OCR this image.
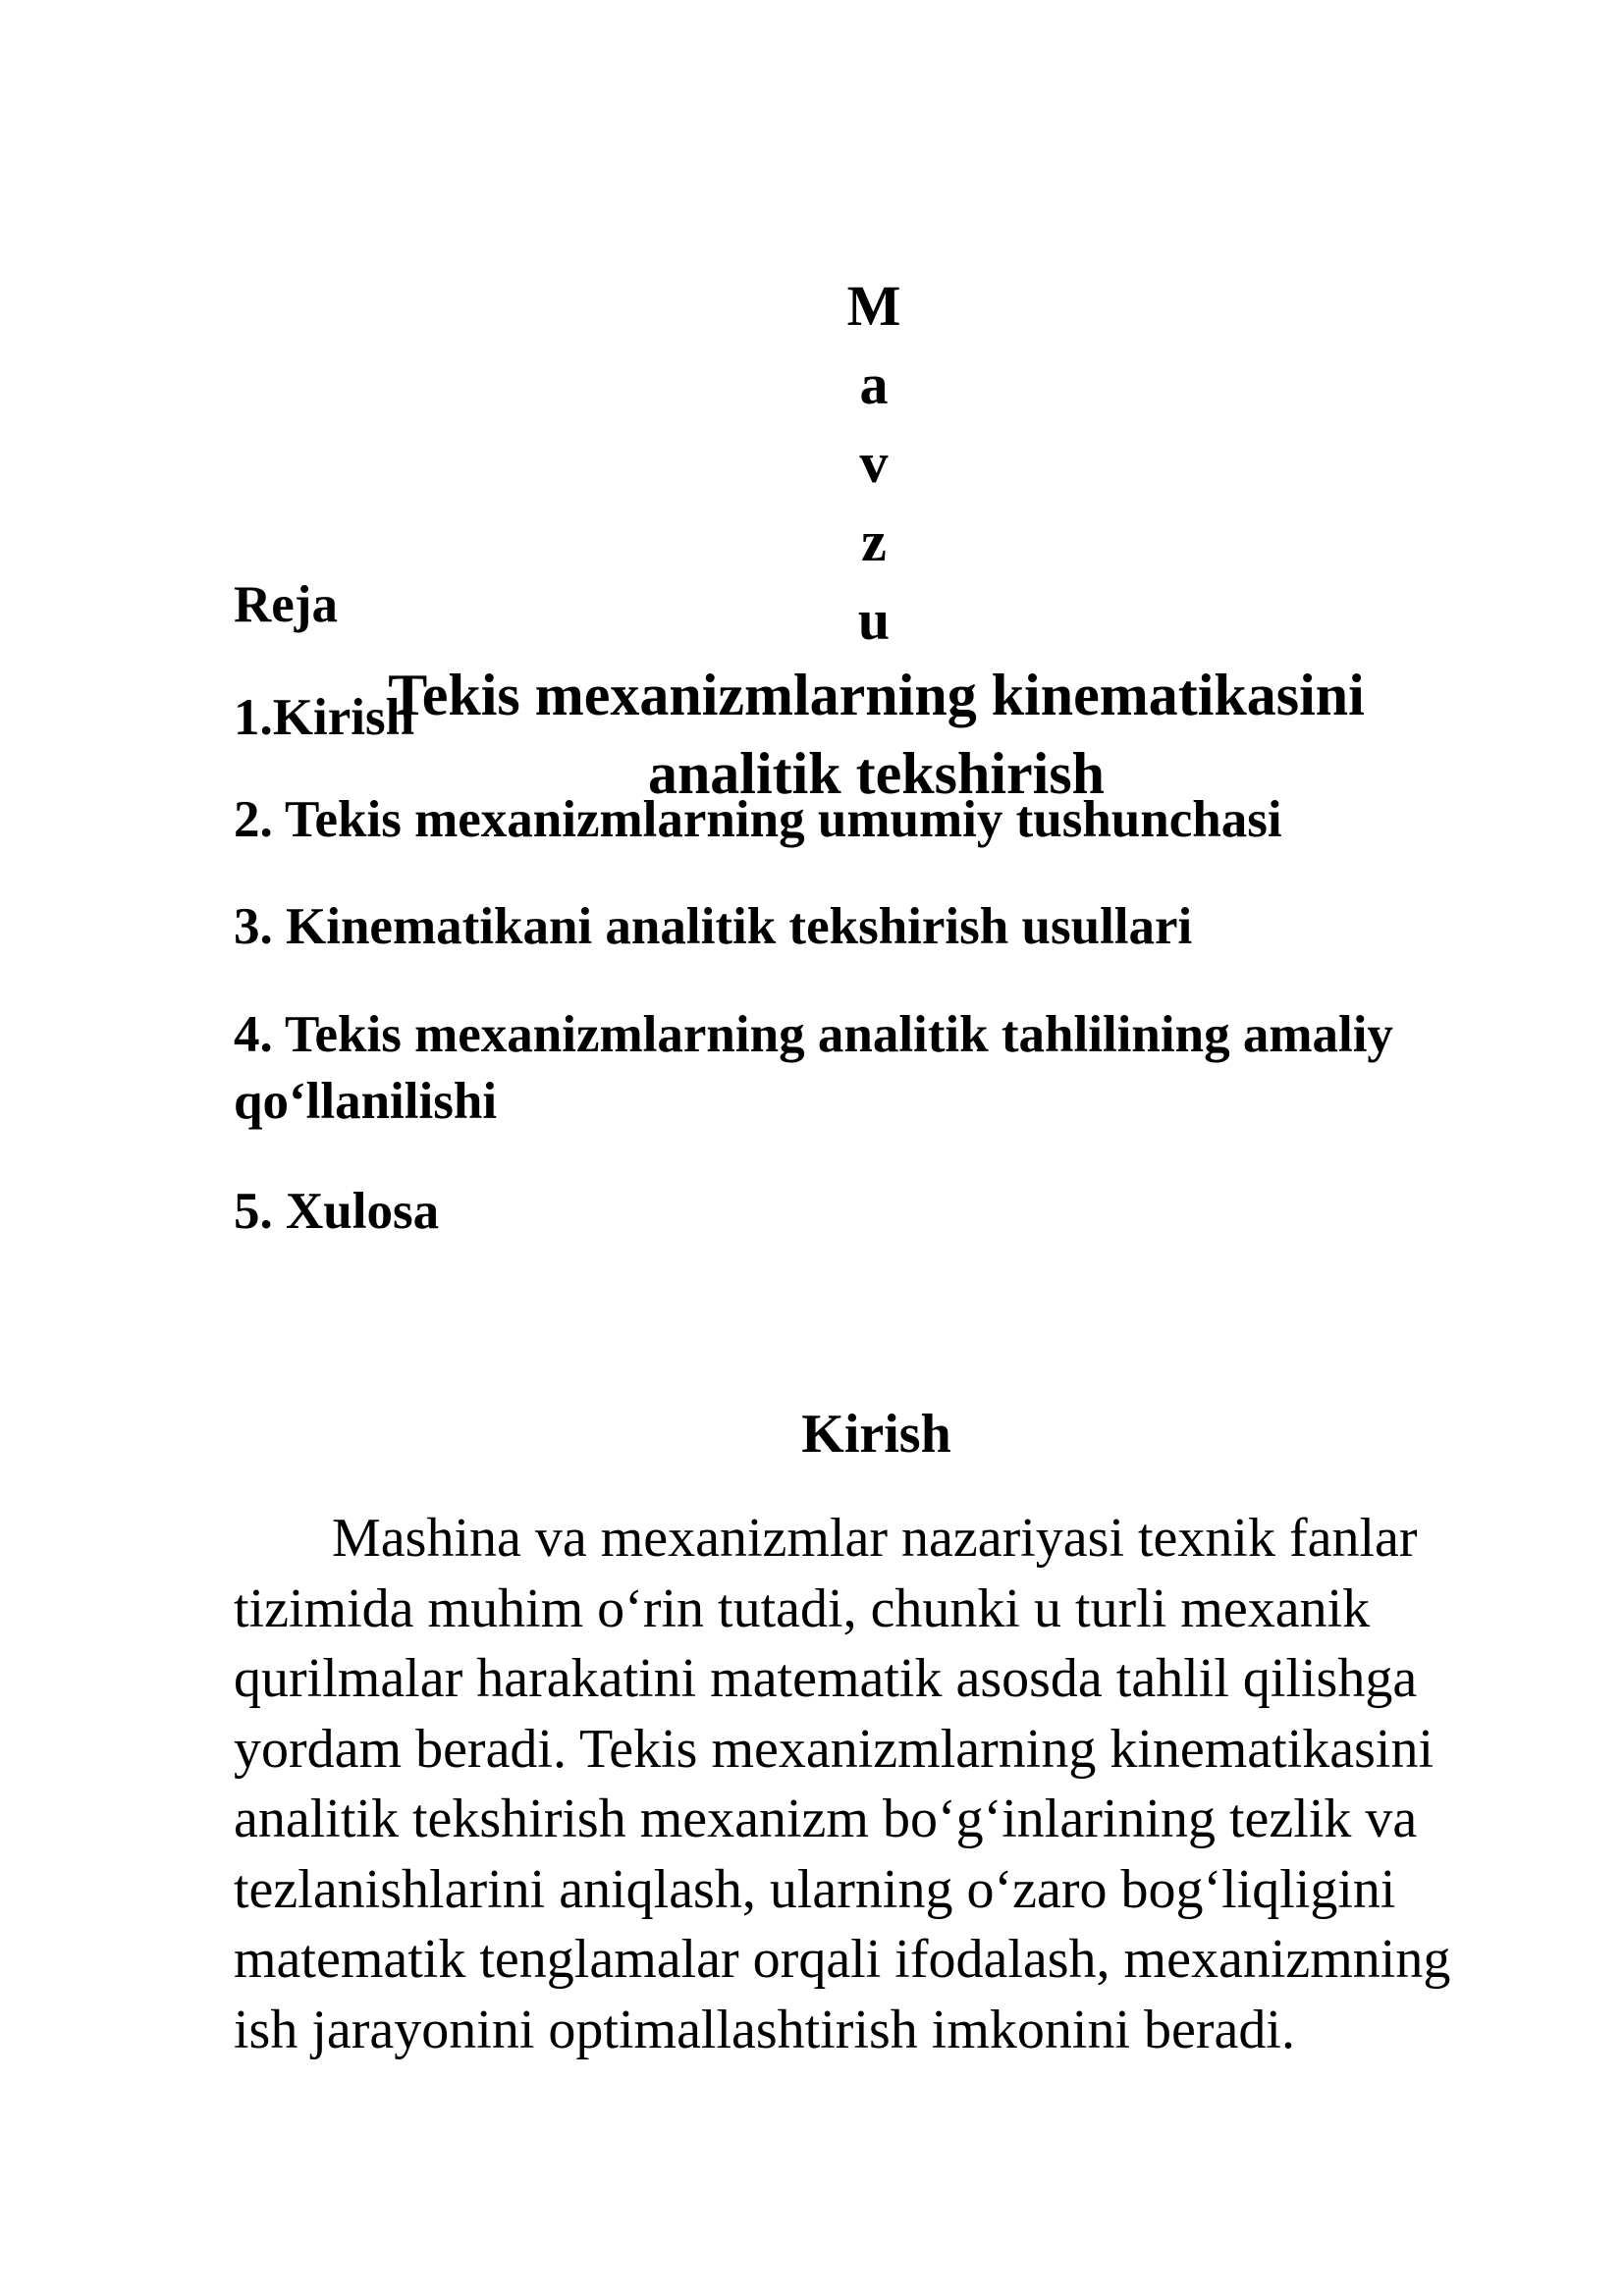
M
a
v
z
u
Reja
1.Kirish
Tekis mexanizmlarning kinematikasini analitik tekshirish
2. Tekis mexanizmlarning umumiy tushunchasi
3. Kinematikani analitik tekshirish usullari
4. Tekis mexanizmlarning analitik tahlilining amaliy qo‘llanilishi
5. Xulosa
Kirish

Mashina va mexanizmlar nazariyasi texnik fanlar tizimida muhim o‘rin tutadi, chunki u turli mexanik qurilmalar harakatini matematik asosda tahlil qilishga yordam beradi. Tekis mexanizmlarning kinematikasini analitik tekshirish mexanizm bo‘g‘inlarining tezlik va tezlanishlarini aniqlash, ularning o‘zaro bog‘liqligini matematik tenglamalar orqali ifodalash, mexanizmning ish jarayonini optimallashtirish imkonini beradi.
